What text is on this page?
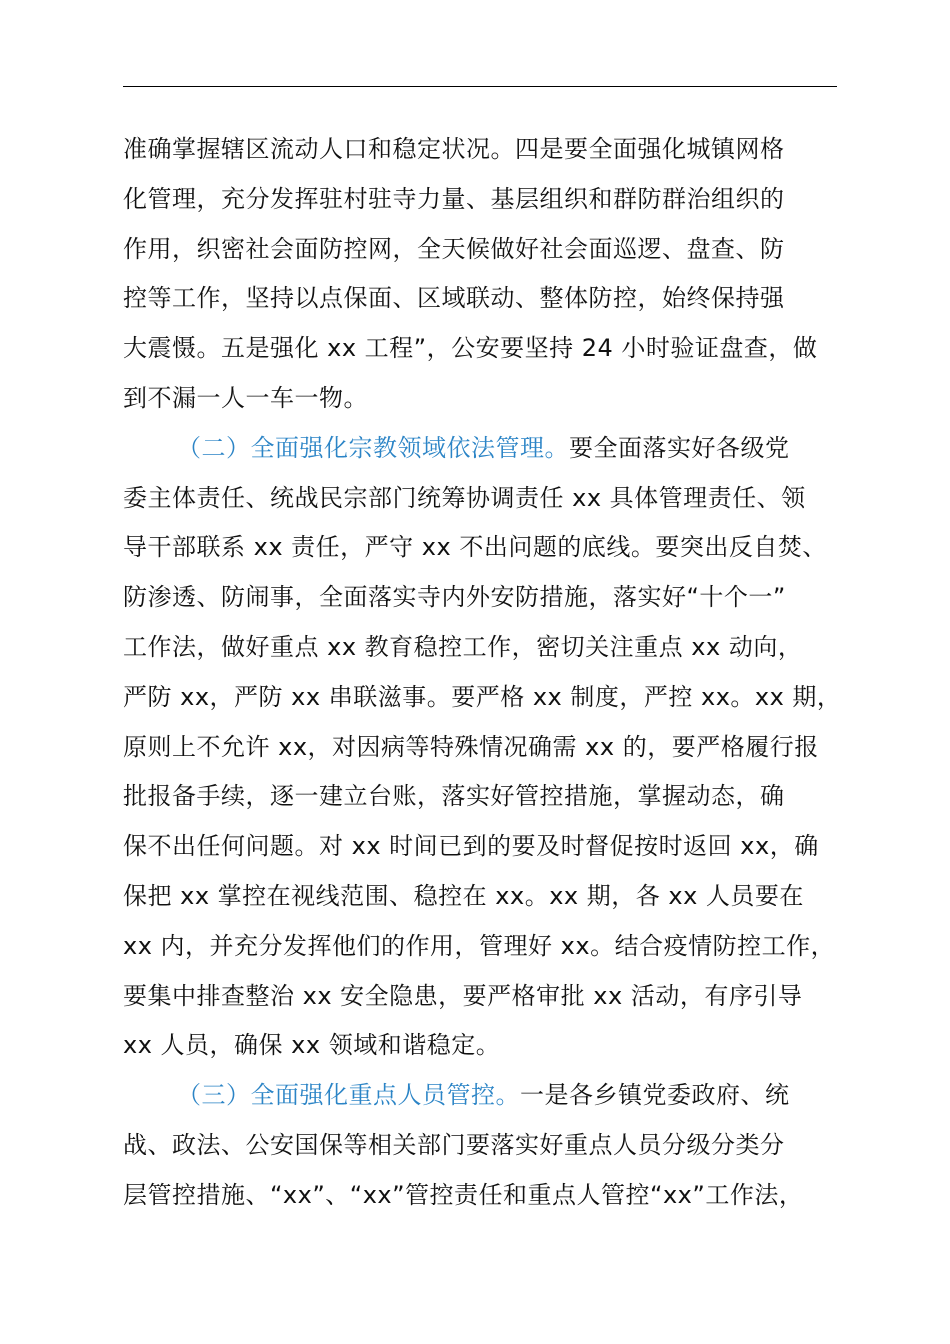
准确掌握辖区流动人口和稳定状况。四是要全面强化城镇网格
化管理，充分发挥驻村驻寺力量、基层组织和群防群治组织的
作用，织密社会面防控网，全天候做好社会面巡逻、盘查、防
控等工作，坚持以点保面、区域联动、整体防控，始终保持强
大震慑。五是强化 xx 工程”，公安要坚持 24 小时验证盘查，做
到不漏一人一车一物。
（二）全面强化宗教领域依法管理。要全面落实好各级党
委主体责任、统战民宗部门统筹协调责任 xx 具体管理责任、领
导干部联系 xx 责任，严守 xx 不出问题的底线。要突出反自焚、
防渗透、防闹事，全面落实寺内外安防措施，落实好“十个一”
工作法，做好重点 xx 教育稳控工作，密切关注重点 xx 动向，
严防 xx，严防 xx 串联滋事。要严格 xx 制度，严控 xx。xx 期，
原则上不允许 xx，对因病等特殊情况确需 xx 的，要严格履行报
批报备手续，逐一建立台账，落实好管控措施，掌握动态，确
保不出任何问题。对 xx 时间已到的要及时督促按时返回 xx，确
保把 xx 掌控在视线范围、稳控在 xx。xx 期，各 xx 人员要在
xx 内，并充分发挥他们的作用，管理好 xx。结合疫情防控工作，
要集中排查整治 xx 安全隐患，要严格审批 xx 活动，有序引导
xx 人员，确保 xx 领域和谐稳定。
（三）全面强化重点人员管控。一是各乡镇党委政府、统
战、政法、公安国保等相关部门要落实好重点人员分级分类分
层管控措施、“xx”、“xx”管控责任和重点人管控“xx”工作法，
